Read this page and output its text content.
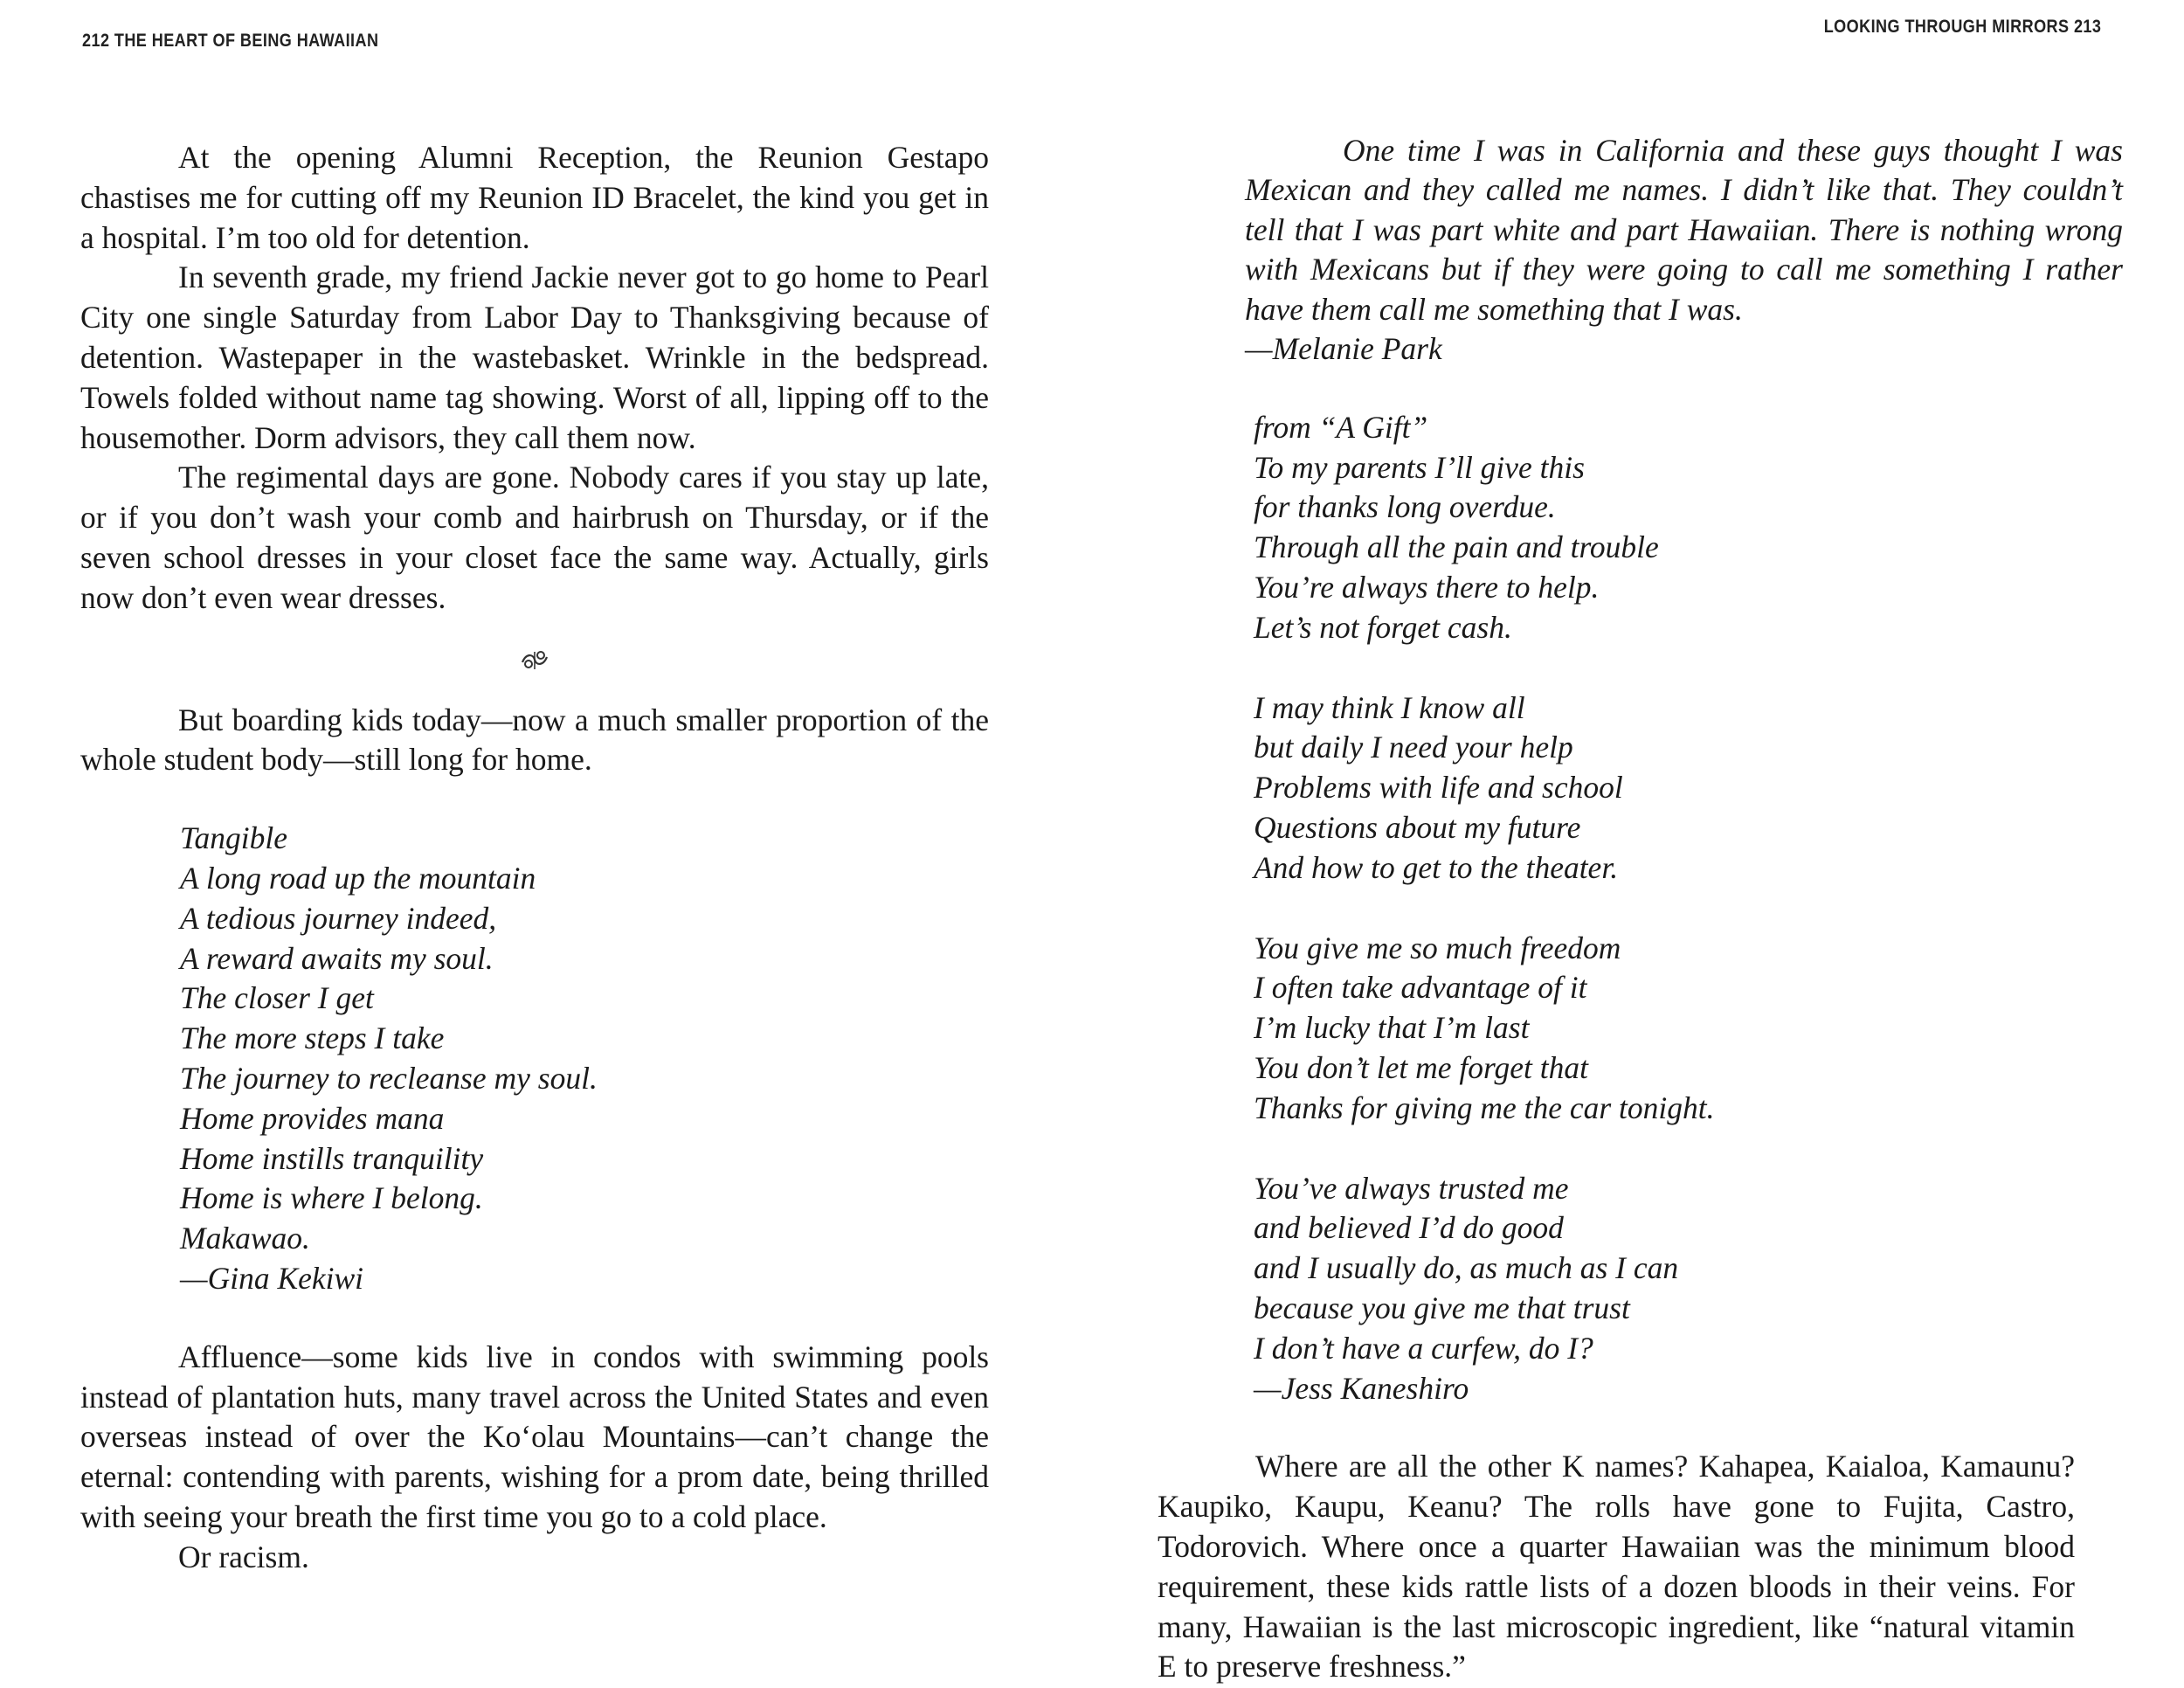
212 THE HEART OF BEING HAWAIIAN

At the opening Alumni Reception, the Reunion Gestapo chastises me for cutting off my Reunion ID Bracelet, the kind you get in a hospital. I’m too old for detention.

In seventh grade, my friend Jackie never got to go home to Pearl City one single Saturday from Labor Day to Thanksgiving because of detention. Wastepaper in the wastebasket. Wrinkle in the bedspread. Towels folded without name tag showing. Worst of all, lipping off to the housemother. Dorm advisors, they call them now.

The regimental days are gone. Nobody cares if you stay up late, or if you don’t wash your comb and hairbrush on Thursday, or if the seven school dresses in your closet face the same way. Actually, girls now don’t even wear dresses.

But boarding kids today—now a much smaller proportion of the whole student body—still long for home.

Tangible
A long road up the mountain
A tedious journey indeed,
A reward awaits my soul.
The closer I get
The more steps I take
The journey to recleanse my soul.
Home provides mana
Home instills tranquility
Home is where I belong.
Makawao.
—Gina Kekiwi

Affluence—some kids live in condos with swimming pools instead of plantation huts, many travel across the United States and even overseas instead of over the Ko‘olau Mountains—can’t change the eternal: contending with parents, wishing for a prom date, being thrilled with seeing your breath the first time you go to a cold place.

Or racism.

LOOKING THROUGH MIRRORS 213

One time I was in California and these guys thought I was Mexican and they called me names. I didn’t like that. They couldn’t tell that I was part white and part Hawaiian. There is nothing wrong with Mexicans but if they were going to call me something I rather have them call me something that I was.

—Melanie Park
from “A Gift”
To my parents I’ll give this
for thanks long overdue.
Through all the pain and trouble
You’re always there to help.
Let’s not forget cash.
I may think I know all
but daily I need your help
Problems with life and school
Questions about my future
And how to get to the theater.
You give me so much freedom
I often take advantage of it
I’m lucky that I’m last
You don’t let me forget that
Thanks for giving me the car tonight.
You’ve always trusted me
and believed I’d do good
and I usually do, as much as I can
because you give me that trust
I don’t have a curfew, do I?
—Jess Kaneshiro

Where are all the other K names? Kahapea, Kaialoa, Kamaunu? Kaupiko, Kaupu, Keanu? The rolls have gone to Fujita, Castro, Todorovich. Where once a quarter Hawaiian was the minimum blood requirement, these kids rattle lists of a dozen bloods in their veins. For many, Hawaiian is the last microscopic ingredient, like “natural vitamin E to preserve freshness.”
